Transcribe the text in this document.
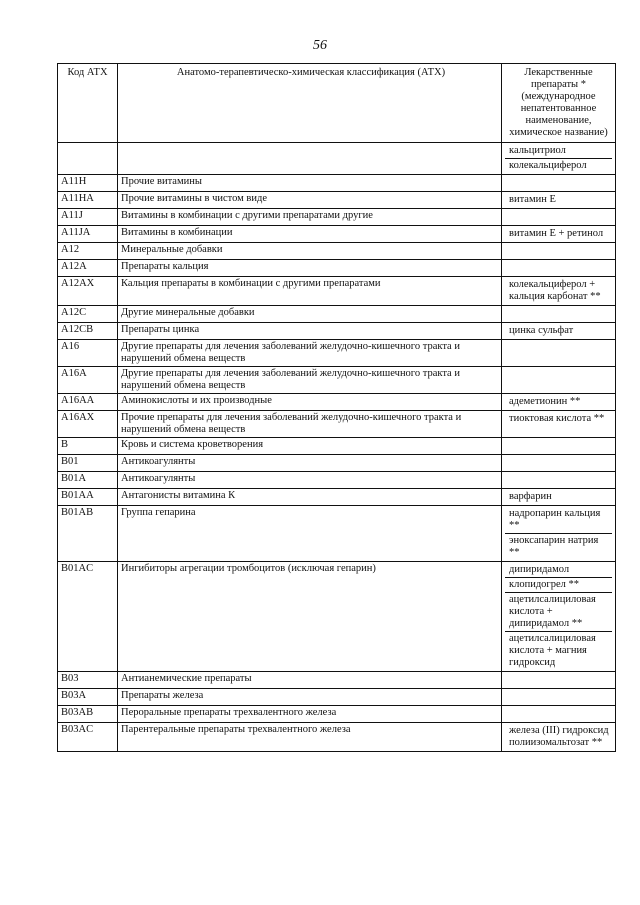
56
Код АТХ	Анатомо-терапевтическо-химическая классификация (АТХ)	Лекарственные препараты * (международное непатентованное наименование, химическое название)

		кальцитриол
колекальциферол

A11H	Прочие витамины	

A11HA	Прочие витамины в чистом виде	витамин Е

A11J	Витамины в комбинации с другими препаратами другие	

A11JA	Витамины в комбинации	витамин Е + ретинол

A12	Минеральные добавки	

A12A	Препараты кальция	

A12AX	Кальция препараты в комбинации с другими препаратами	колекальциферол + кальция карбонат **

A12C	Другие минеральные добавки	

A12CB	Препараты цинка	цинка сульфат

A16	Другие препараты для лечения заболеваний желудочно-кишечного тракта и нарушений обмена веществ	

A16A	Другие препараты для лечения заболеваний желудочно-кишечного тракта и нарушений обмена веществ	

A16AA	Аминокислоты и их производные	адеметионин **

A16AX	Прочие препараты для лечения заболеваний желудочно-кишечного тракта и нарушений обмена веществ	тиоктовая кислота **

B	Кровь и система кроветворения	

B01	Антикоагулянты	

B01A	Антикоагулянты	

B01AA	Антагонисты витамина К	варфарин

B01AB	Группа гепарина	надропарин кальция **
эноксапарин натрия **

B01AC	Ингибиторы агрегации тромбоцитов (исключая гепарин)	дипиридамол
клопидогрел **
ацетилсалициловая кислота + дипиридамол **
ацетилсалициловая кислота + магния гидроксид

B03	Антианемические препараты	

B03A	Препараты железа	

B03AB	Пероральные препараты трехвалентного железа	

B03AC	Парентеральные препараты трехвалентного железа	железа (III) гидроксид полиизомальтозат **
